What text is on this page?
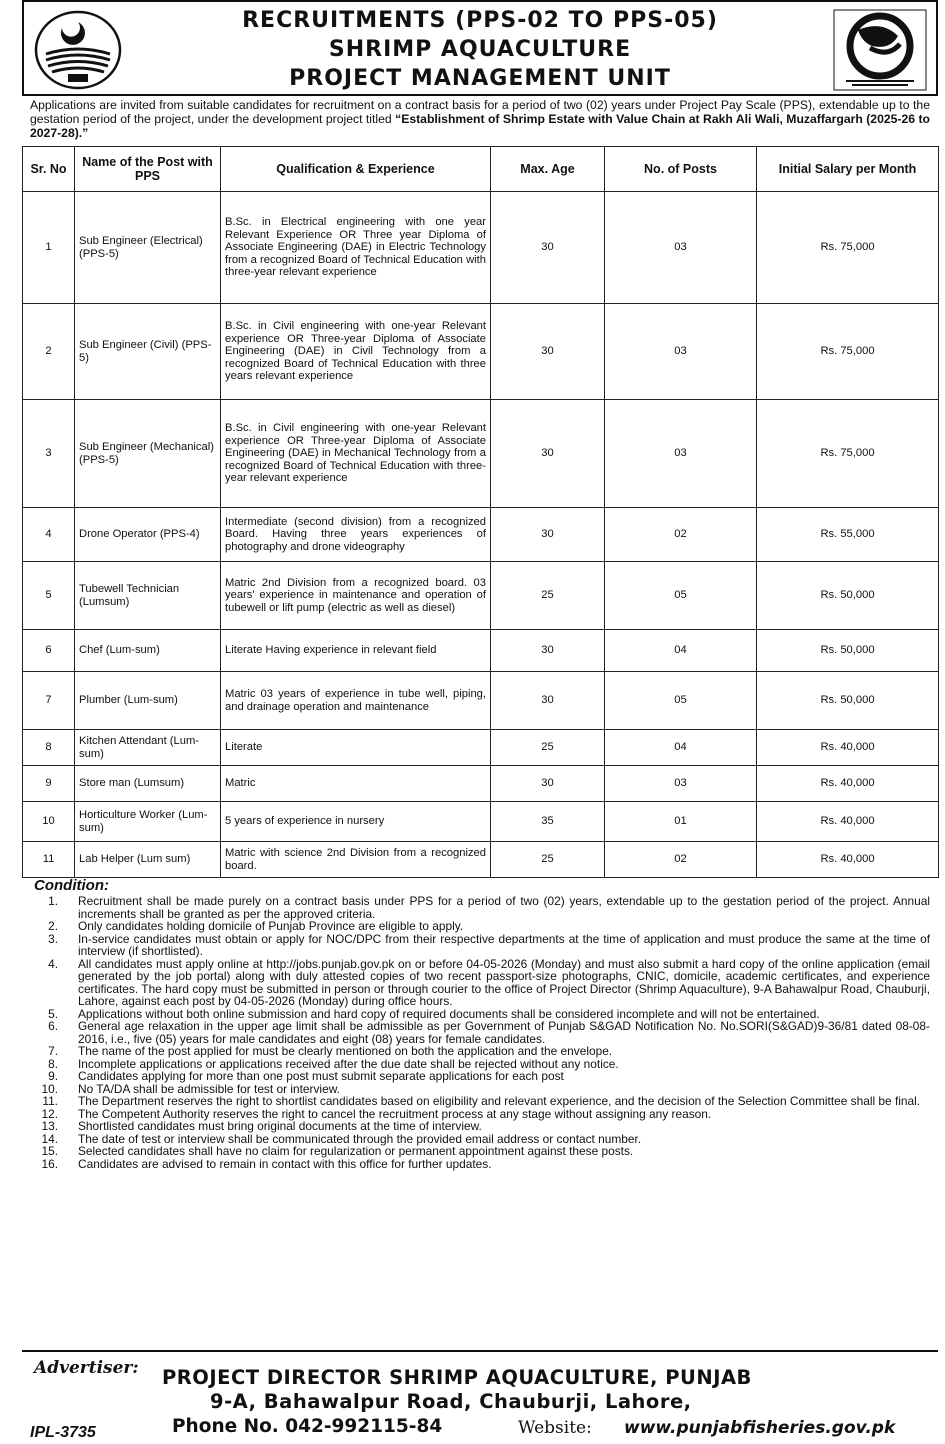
RECRUITMENTS (PPS-02 TO PPS-05)
SHRIMP AQUACULTURE
PROJECT MANAGEMENT UNIT
Applications are invited from suitable candidates for recruitment on a contract basis for a period of two (02) years under Project Pay Scale (PPS), extendable up to the gestation period of the project, under the development project titled “Establishment of Shrimp Estate with Value Chain at Rakh Ali Wali, Muzaffargarh (2025-26 to 2027-28).”
Sr. No	Name of the Post with PPS	Qualification & Experience	Max. Age	No. of Posts	Initial Salary per Month
1	Sub Engineer (Electrical) (PPS-5)	B.Sc. in Electrical engineering with one year Relevant Experience OR Three year Diploma of Associate Engineering (DAE) in Electric Technology from a recognized Board of Technical Education with three-year relevant experience	30	03	Rs. 75,000
2	Sub Engineer (Civil) (PPS-5)	B.Sc. in Civil engineering with one-year Relevant experience OR Three-year Diploma of Associate Engineering (DAE) in Civil Technology from a recognized Board of Technical Education with three years relevant experience	30	03	Rs. 75,000
3	Sub Engineer (Mechanical) (PPS-5)	B.Sc. in Civil engineering with one-year Relevant experience OR Three-year Diploma of Associate Engineering (DAE) in Mechanical Technology from a recognized Board of Technical Education with three-year relevant experience	30	03	Rs. 75,000
4	Drone Operator (PPS-4)	Intermediate (second division) from a recognized Board. Having three years experiences of photography and drone videography	30	02	Rs. 55,000
5	Tubewell Technician (Lumsum)	Matric 2nd Division from a recognized board. 03 years' experience in maintenance and operation of tubewell or lift pump (electric as well as diesel)	25	05	Rs. 50,000
6	Chef (Lum-sum)	Literate Having experience in relevant field	30	04	Rs. 50,000
7	Plumber (Lum-sum)	Matric 03 years of experience in tube well, piping, and drainage operation and maintenance	30	05	Rs. 50,000
8	Kitchen Attendant (Lum-sum)	Literate	25	04	Rs. 40,000
9	Store man (Lumsum)	Matric	30	03	Rs. 40,000
10	Horticulture Worker (Lum-sum)	5 years of experience in nursery	35	01	Rs. 40,000
11	Lab Helper (Lum sum)	Matric with science 2nd Division from a recognized board.	25	02	Rs. 40,000
Condition:
1. Recruitment shall be made purely on a contract basis under PPS for a period of two (02) years, extendable up to the gestation period of the project. Annual increments shall be granted as per the approved criteria.
2. Only candidates holding domicile of Punjab Province are eligible to apply.
3. In-service candidates must obtain or apply for NOC/DPC from their respective departments at the time of application and must produce the same at the time of interview (if shortlisted).
4. All candidates must apply online at http://jobs.punjab.gov.pk on or before 04-05-2026 (Monday) and must also submit a hard copy of the online application (email generated by the job portal) along with duly attested copies of two recent passport-size photographs, CNIC, domicile, academic certificates, and experience certificates. The hard copy must be submitted in person or through courier to the office of Project Director (Shrimp Aquaculture), 9-A Bahawalpur Road, Chauburji, Lahore, against each post by 04-05-2026 (Monday) during office hours.
5. Applications without both online submission and hard copy of required documents shall be considered incomplete and will not be entertained.
6. General age relaxation in the upper age limit shall be admissible as per Government of Punjab S&GAD Notification No. No.SORI(S&GAD)9-36/81 dated 08-08-2016, i.e., five (05) years for male candidates and eight (08) years for female candidates.
7. The name of the post applied for must be clearly mentioned on both the application and the envelope.
8. Incomplete applications or applications received after the due date shall be rejected without any notice.
9. Candidates applying for more than one post must submit separate applications for each post
10. No TA/DA shall be admissible for test or interview.
11. The Department reserves the right to shortlist candidates based on eligibility and relevant experience, and the decision of the Selection Committee shall be final.
12. The Competent Authority reserves the right to cancel the recruitment process at any stage without assigning any reason.
13. Shortlisted candidates must bring original documents at the time of interview.
14. The date of test or interview shall be communicated through the provided email address or contact number.
15. Selected candidates shall have no claim for regularization or permanent appointment against these posts.
16. Candidates are advised to remain in contact with this office for further updates.
Advertiser: PROJECT DIRECTOR SHRIMP AQUACULTURE, PUNJAB
9-A, Bahawalpur Road, Chauburji, Lahore,
IPL-3735	Phone No. 042-992115-84	Website: www.punjabfisheries.gov.pk
